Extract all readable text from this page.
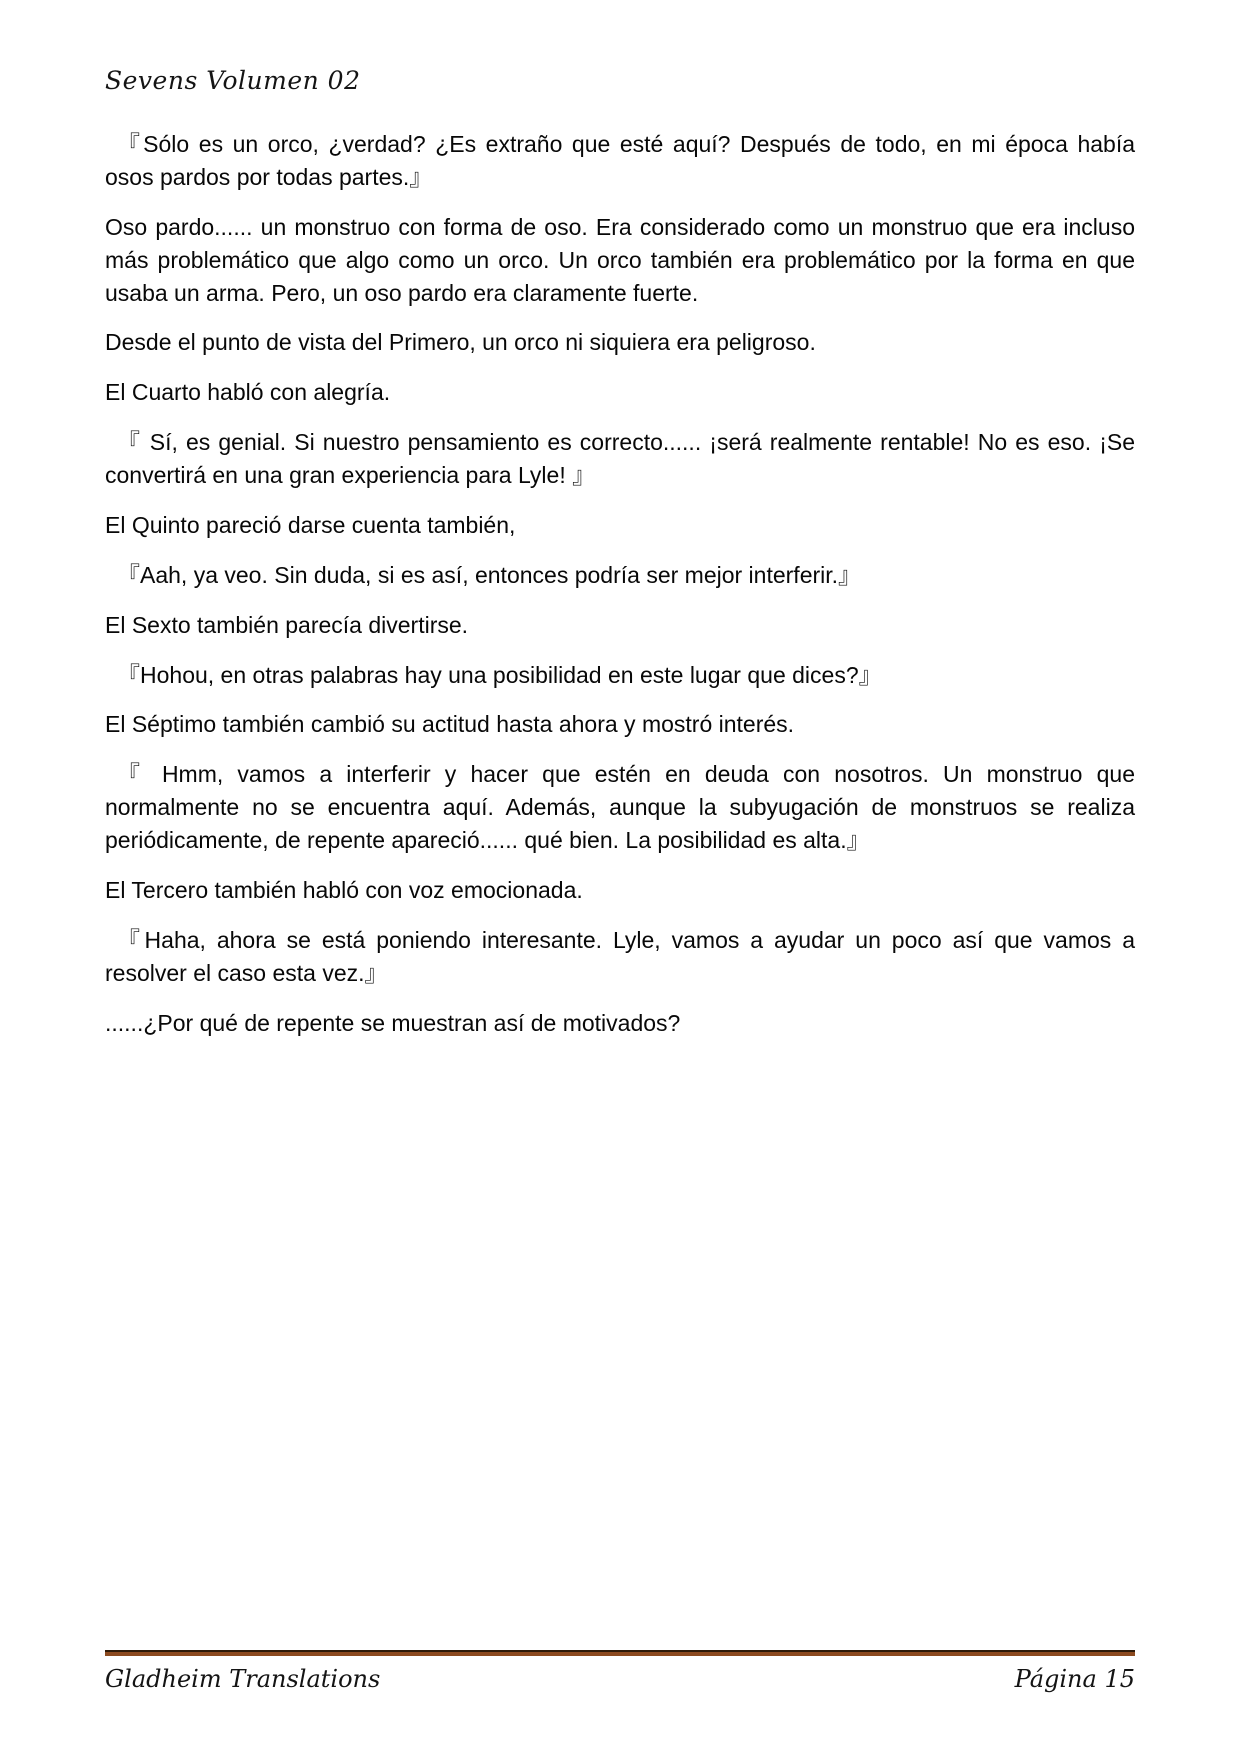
Sevens Volumen 02

『Sólo es un orco, ¿verdad? ¿Es extraño que esté aquí? Después de todo, en mi época había osos pardos por todas partes.』

Oso pardo...... un monstruo con forma de oso. Era considerado como un monstruo que era incluso más problemático que algo como un orco. Un orco también era problemático por la forma en que usaba un arma. Pero, un oso pardo era claramente fuerte.

Desde el punto de vista del Primero, un orco ni siquiera era peligroso.

El Cuarto habló con alegría.

『 Sí, es genial. Si nuestro pensamiento es correcto...... ¡será realmente rentable! No es eso. ¡Se convertirá en una gran experiencia para Lyle! 』

El Quinto pareció darse cuenta también,

『Aah, ya veo. Sin duda, si es así, entonces podría ser mejor interferir.』

El Sexto también parecía divertirse.

『Hohou, en otras palabras hay una posibilidad en este lugar que dices?』

El Séptimo también cambió su actitud hasta ahora y mostró interés.

『 Hmm, vamos a interferir y hacer que estén en deuda con nosotros. Un monstruo que normalmente no se encuentra aquí. Además, aunque la subyugación de monstruos se realiza periódicamente, de repente apareció...... qué bien. La posibilidad es alta.』

El Tercero también habló con voz emocionada.

『Haha, ahora se está poniendo interesante. Lyle, vamos a ayudar un poco así que vamos a resolver el caso esta vez.』

......¿Por qué de repente se muestran así de motivados?

Gladheim Translations	Página 15
